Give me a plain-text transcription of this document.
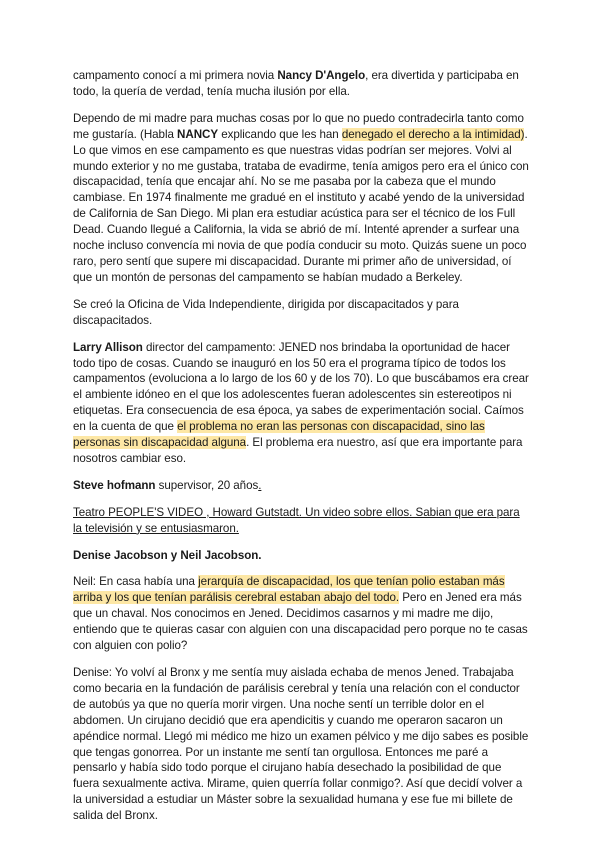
campamento conocí a mi primera novia Nancy D'Angelo, era divertida y participaba en todo, la quería de verdad, tenía mucha ilusión por ella.

Dependo de mi madre para muchas cosas por lo que no puedo contradecirla tanto como me gustaría. (Habla NANCY explicando que les han denegado el derecho a la intimidad). Lo que vimos en ese campamento es que nuestras vidas podrían ser mejores. Volvi al mundo exterior y no me gustaba, trataba de evadirme, tenía amigos pero era el único con discapacidad, tenía que encajar ahí. No se me pasaba por la cabeza que el mundo cambiase. En 1974 finalmente me gradué en el instituto y acabé yendo de la universidad de California de San Diego. Mi plan era estudiar acústica para ser el técnico de los Full Dead. Cuando llegué a California, la vida se abrió de mí. Intenté aprender a surfear una noche incluso convencía mi novia de que podía conducir su moto. Quizás suene un poco raro, pero sentí que supere mi discapacidad. Durante mi primer año de universidad, oí que un montón de personas del campamento se habían mudado a Berkeley.

Se creó la Oficina de Vida Independiente, dirigida por discapacitados y para discapacitados.

Larry Allison director del campamento: JENED nos brindaba la oportunidad de hacer todo tipo de cosas. Cuando se inauguró en los 50 era el programa típico de todos los campamentos (evoluciona a lo largo de los 60 y de los 70). Lo que buscábamos era crear el ambiente idóneo en el que los adolescentes fueran adolescentes sin estereotipos ni etiquetas. Era consecuencia de esa época, ya sabes de experimentación social. Caímos en la cuenta de que el problema no eran las personas con discapacidad, sino las personas sin discapacidad alguna. El problema era nuestro, así que era importante para nosotros cambiar eso.

Steve hofmann supervisor, 20 años.

Teatro PEOPLE'S VIDEO , Howard Gutstadt. Un video sobre ellos. Sabian que era para la televisión y se entusiasmaron.

Denise Jacobson y Neil Jacobson.

Neil: En casa había una jerarquía de discapacidad, los que tenían polio estaban más arriba y los que tenían parálisis cerebral estaban abajo del todo. Pero en Jened era más que un chaval. Nos conocimos en Jened. Decidimos casarnos y mi madre me dijo, entiendo que te quieras casar con alguien con una discapacidad pero porque no te casas con alguien con polio?

Denise: Yo volví al Bronx y me sentía muy aislada echaba de menos Jened. Trabajaba como becaria en la fundación de parálisis cerebral y tenía una relación con el conductor de autobús ya que no quería morir virgen. Una noche sentí un terrible dolor en el abdomen. Un cirujano decidió que era apendicitis y cuando me operaron sacaron un apéndice normal. Llegó mi médico me hizo un examen pélvico y me dijo sabes es posible que tengas gonorrea. Por un instante me sentí tan orgullosa. Entonces me paré a pensarlo y había sido todo porque el cirujano había desechado la posibilidad de que fuera sexualmente activa. Mirame, quien querría follar conmigo?. Así que decidí volver a la universidad a estudiar un Máster sobre la sexualidad humana y ese fue mi billete de salida del Bronx.
